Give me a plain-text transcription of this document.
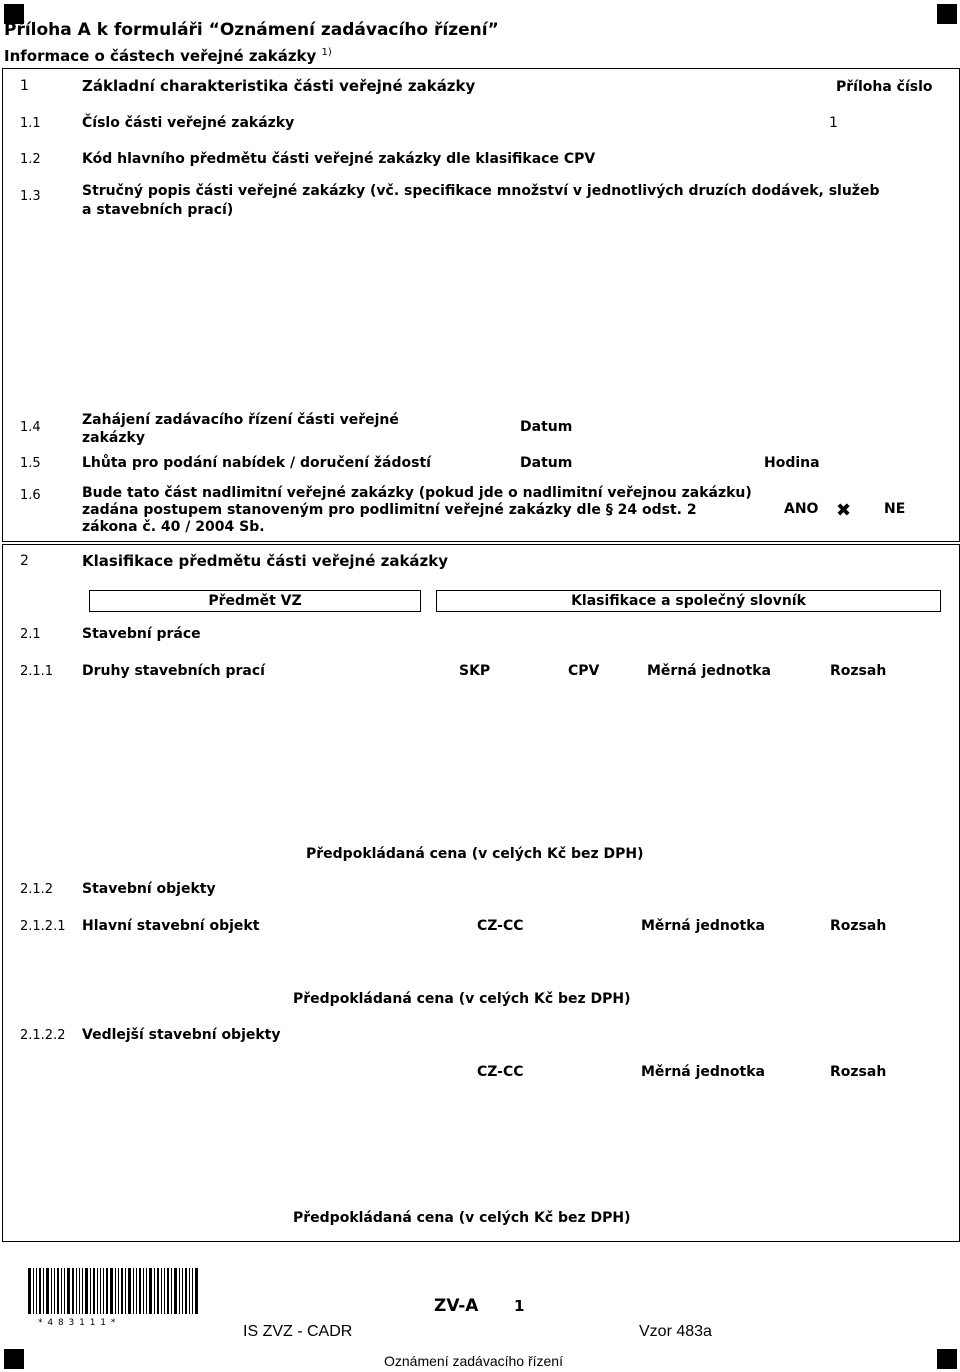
Příloha A k formuláři “Oznámení zadávacího řízení”
Informace o částech veřejné zakázky $^{1)}$
1	Základní charakteristika části veřejné zakázky	Příloha číslo
1.1	Číslo části veřejné zakázky	1
1.2	Kód hlavního předmětu části veřejné zakázky dle klasifikace CPV
1.3	Stručný popis části veřejné zakázky (vč. specifikace množství v jednotlivých druzích dodávek, služeb a stavebních prací)
1.4	Zahájení zadávacího řízení části veřejné zakázky
Datum
1.5	Lhůta pro podání nabídek / doručení žádostí	Datum	Hodina
1.6	Bude tato část nadlimitní veřejné zakázky (pokud jde o nadlimitní veřejnou zakázku) zadána postupem stanoveným pro podlimitní veřejné zakázky dle § 24 odst. 2 zákona č. 40 / 2004 Sb.
ANO ✖ NE
2	Klasifikace předmětu části veřejné zakázky
Předmět VZ	Klasifikace a společný slovník
2.1	Stavební práce
2.1.1 Druhy stavebních prací	SKP	CPV	Měrná jednotka	Rozsah
Předpokládaná cena (v celých Kč bez DPH)
2.1.2 Stavební objekty
2.1.2.1 Hlavní stavební objekt	CZ-CC	Měrná jednotka	Rozsah
Předpokládaná cena (v celých Kč bez DPH)
2.1.2.2 Vedlejší stavební objekty
CZ-CC	Měrná jednotka	Rozsah
Předpokládaná cena (v celých Kč bez DPH)
* 4 8 3 1 1 1 *
ZV-A 1
IS ZVZ - CADR	Vzor 483a
Oznámení zadávacího řízení
